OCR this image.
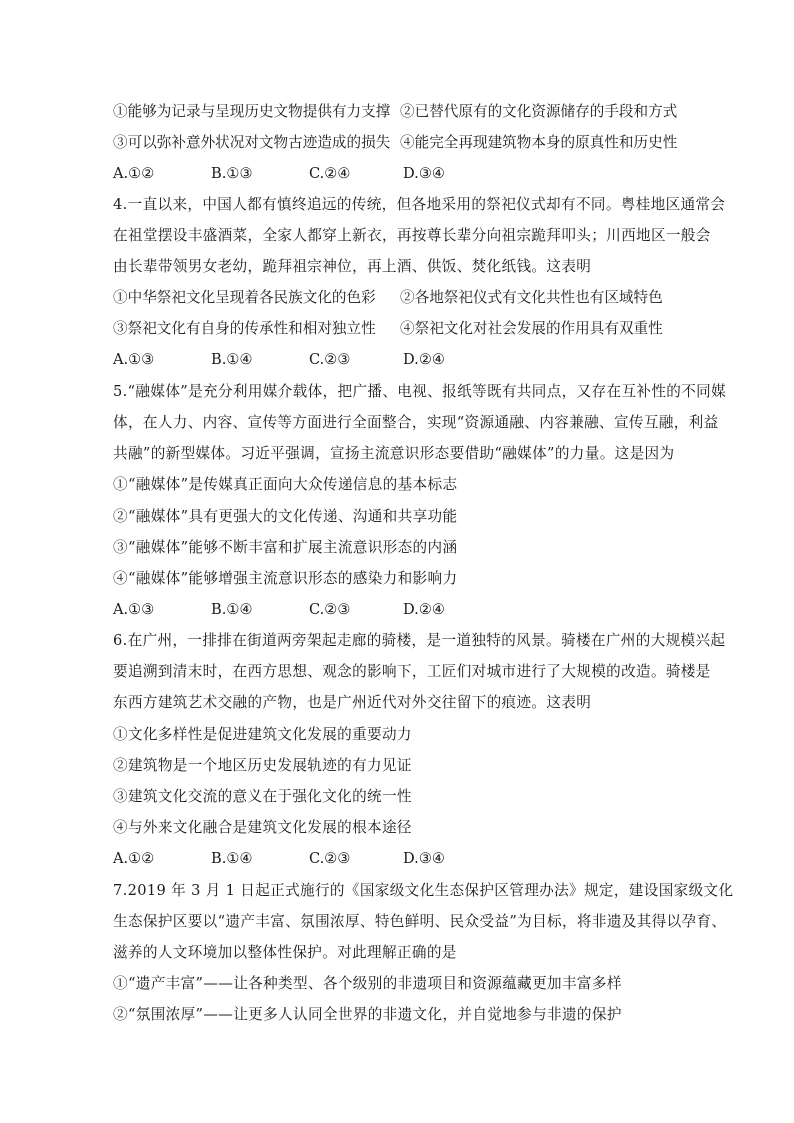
①能够为记录与呈现历史文物提供有力支撑 ②已替代原有的文化资源储存的手段和方式
③可以弥补意外状况对文物古迹造成的损失 ④能完全再现建筑物本身的原真性和历史性
A.①②	B.①③	C.②④	D.③④
4.一直以来，中国人都有慎终追远的传统，但各地采用的祭祀仪式却有不同。粤桂地区通常会
在祖堂摆设丰盛酒菜，全家人都穿上新衣，再按尊长辈分向祖宗跪拜叩头；川西地区一般会
由长辈带领男女老幼，跪拜祖宗神位，再上酒、供饭、焚化纸钱。这表明
①中华祭祀文化呈现着各民族文化的色彩 ②各地祭祀仪式有文化共性也有区域特色
③祭祀文化有自身的传承性和相对独立性 ④祭祀文化对社会发展的作用具有双重性
A.①③	B.①④	C.②③	D.②④
5.“融媒体”是充分利用媒介载体，把广播、电视、报纸等既有共同点，又存在互补性的不同媒
体，在人力、内容、宣传等方面进行全面整合，实现“资源通融、内容兼融、宣传互融，利益
共融”的新型媒体。习近平强调，宣扬主流意识形态要借助“融媒体”的力量。这是因为
①“融媒体”是传媒真正面向大众传递信息的基本标志
②“融媒体”具有更强大的文化传递、沟通和共享功能
③“融媒体”能够不断丰富和扩展主流意识形态的内涵
④“融媒体”能够增强主流意识形态的感染力和影响力
A.①③	B.①④	C.②③	D.②④
6.在广州，一排排在街道两旁架起走廊的骑楼，是一道独特的风景。骑楼在广州的大规模兴起
要追溯到清末时，在西方思想、观念的影响下，工匠们对城市进行了大规模的改造。骑楼是
东西方建筑艺术交融的产物，也是广州近代对外交往留下的痕迹。这表明
①文化多样性是促进建筑文化发展的重要动力
②建筑物是一个地区历史发展轨迹的有力见证
③建筑文化交流的意义在于强化文化的统一性
④与外来文化融合是建筑文化发展的根本途径
A.①②	B.①④	C.②③	D.③④
7.2019 年 3 月 1 日起正式施行的《国家级文化生态保护区管理办法》规定，建设国家级文化
生态保护区要以“遗产丰富、氛围浓厚、特色鲜明、民众受益”为目标，将非遗及其得以孕育、
滋养的人文环境加以整体性保护。对此理解正确的是
①“遗产丰富”——让各种类型、各个级别的非遗项目和资源蕴藏更加丰富多样
②“氛围浓厚”——让更多人认同全世界的非遗文化，并自觉地参与非遗的保护
